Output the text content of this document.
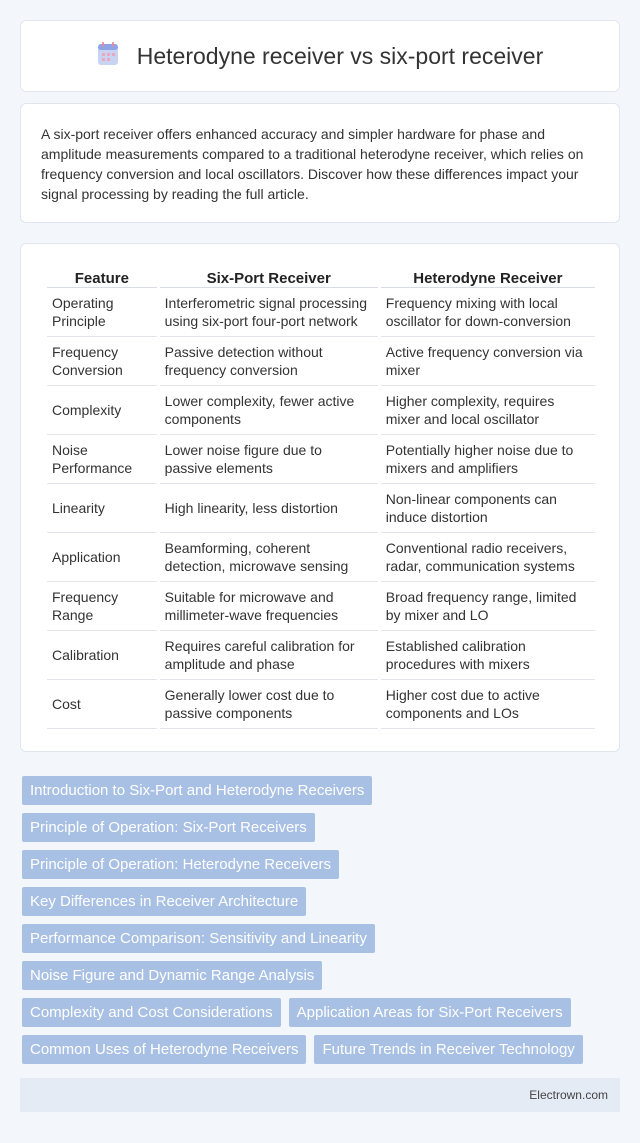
Heterodyne receiver vs six-port receiver

A six-port receiver offers enhanced accuracy and simpler hardware for phase and amplitude measurements compared to a traditional heterodyne receiver, which relies on frequency conversion and local oscillators. Discover how these differences impact your signal processing by reading the full article.

Feature	Six-Port Receiver	Heterodyne Receiver
Operating Principle	Interferometric signal processing using six-port four-port network	Frequency mixing with local oscillator for down-conversion
Frequency Conversion	Passive detection without frequency conversion	Active frequency conversion via mixer
Complexity	Lower complexity, fewer active components	Higher complexity, requires mixer and local oscillator
Noise Performance	Lower noise figure due to passive elements	Potentially higher noise due to mixers and amplifiers
Linearity	High linearity, less distortion	Non-linear components can induce distortion
Application	Beamforming, coherent detection, microwave sensing	Conventional radio receivers, radar, communication systems
Frequency Range	Suitable for microwave and millimeter-wave frequencies	Broad frequency range, limited by mixer and LO
Calibration	Requires careful calibration for amplitude and phase	Established calibration procedures with mixers
Cost	Generally lower cost due to passive components	Higher cost due to active components and LOs
Introduction to Six-Port and Heterodyne Receivers
Principle of Operation: Six-Port Receivers
Principle of Operation: Heterodyne Receivers
Key Differences in Receiver Architecture
Performance Comparison: Sensitivity and Linearity
Noise Figure and Dynamic Range Analysis
Complexity and Cost Considerations	Application Areas for Six-Port Receivers
Common Uses of Heterodyne Receivers	Future Trends in Receiver Technology
Electrown.com
